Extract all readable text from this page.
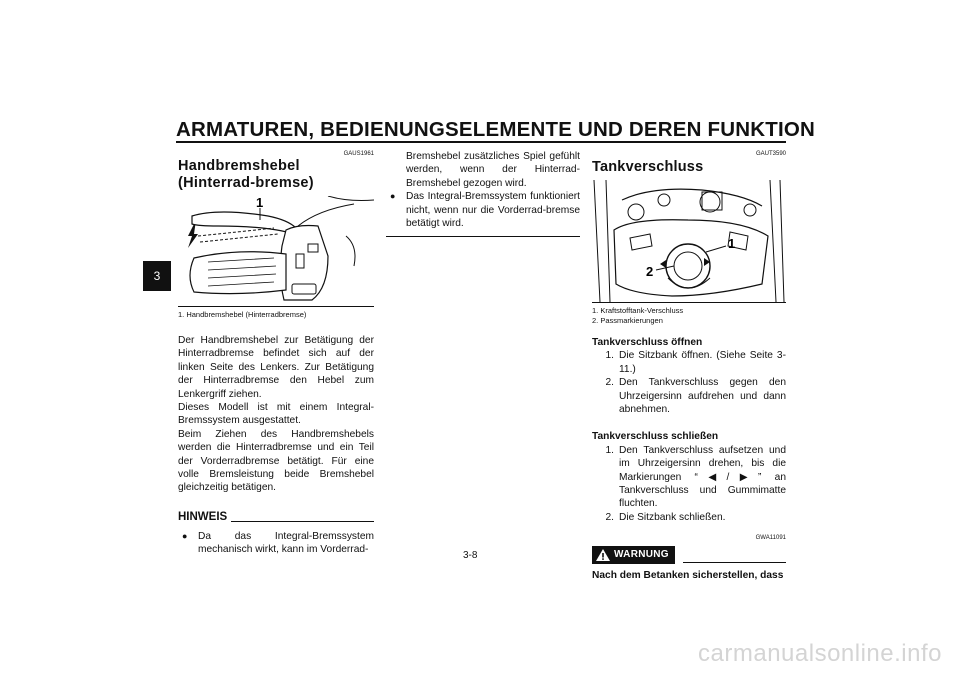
ARMATUREN, BEDIENUNGSELEMENTE UND DEREN FUNKTION
3
GAUS1961
Handbremshebel (Hinterrad-bremse)
1
1. Handbremshebel (Hinterradbremse)

Der Handbremshebel zur Betätigung der Hinterradbremse befindet sich auf der linken Seite des Lenkers. Zur Betätigung der Hinterradbremse den Hebel zum Lenkergriff ziehen.

Dieses Modell ist mit einem Integral-Bremssystem ausgestattet.

Beim Ziehen des Handbremshebels werden die Hinterradbremse und ein Teil der Vorderradbremse betätigt. Für eine volle Bremsleistung beide Bremshebel gleichzeitig betätigen.

HINWEIS
●	Da das Integral-Bremssystem mechanisch wirkt, kann im Vorderrad-
Bremshebel zusätzliches Spiel gefühlt werden, wenn der Hinterrad-Bremshebel gezogen wird.
●	Das Integral-Bremssystem funktioniert nicht, wenn nur die Vorderrad-bremse betätigt wird.
GAUT3590
Tankverschluss
1
2
1. Kraftstofftank-Verschluss
2. Passmarkierungen
Tankverschluss öffnen
1. Die Sitzbank öffnen. (Siehe Seite 3-11.)
2. Den Tankverschluss gegen den Uhrzeigersinn aufdrehen und dann abnehmen.
Tankverschluss schließen
1. Den Tankverschluss aufsetzen und im Uhrzeigersinn drehen, bis die Markierungen “◀/▶” an Tankverschluss und Gummimatte fluchten.
2. Die Sitzbank schließen.
GWA11091
WARNUNG
Nach dem Betanken sicherstellen, dass
3-8
carmanualsonline.info
